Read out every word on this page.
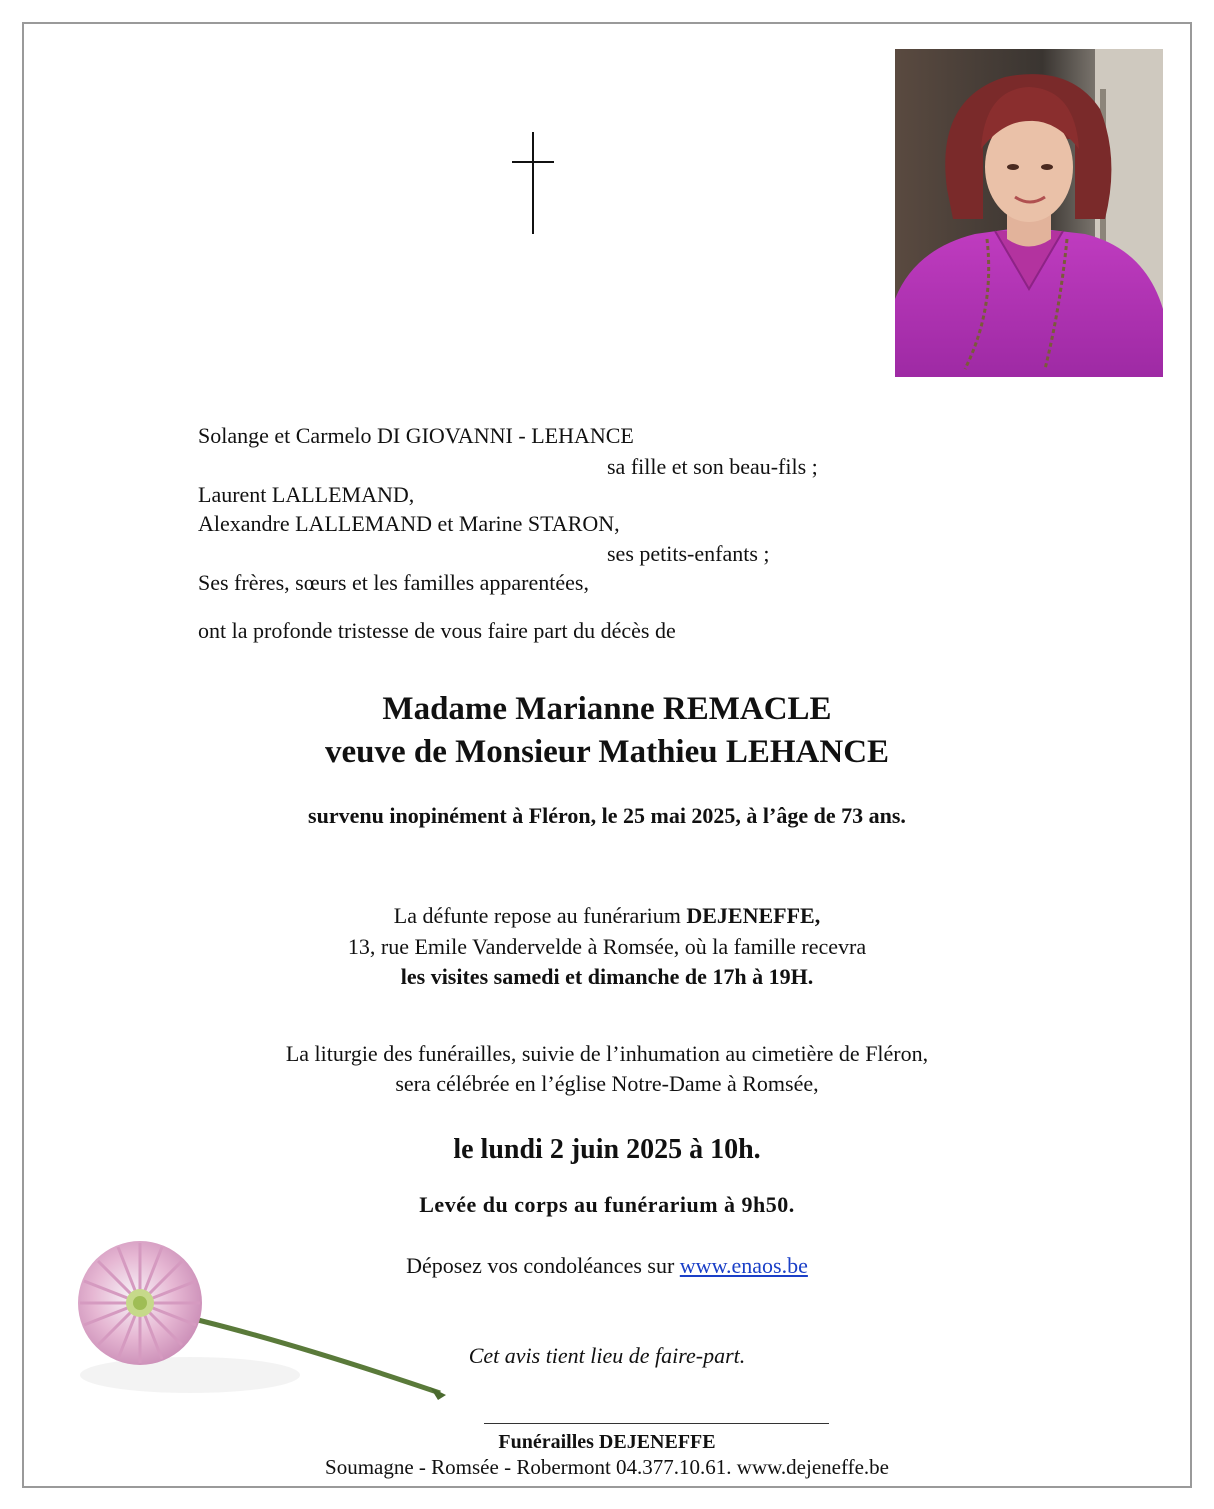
Solange et Carmelo DI GIOVANNI - LEHANCE
sa fille et son beau-fils ;
Laurent LALLEMAND,
Alexandre LALLEMAND et Marine STARON,
ses petits-enfants ;
Ses frères, sœurs et les familles apparentées,
ont la profonde tristesse de vous faire part du décès de
Madame Marianne REMACLE
veuve de Monsieur Mathieu LEHANCE
survenu inopinément à Fléron, le 25 mai 2025, à l’âge de 73 ans.
La défunte repose au funérarium DEJENEFFE,
13, rue Emile Vandervelde à Romsée, où la famille recevra
les visites samedi et dimanche de 17h à 19H.
La liturgie des funérailles, suivie de l’inhumation au cimetière de Fléron,
sera célébrée en l’église Notre-Dame à Romsée,
le lundi 2 juin 2025 à 10h.
Levée du corps au funérarium à 9h50.
Déposez vos condoléances sur www.enaos.be
Cet avis tient lieu de faire-part.
Funérailles DEJENEFFE
Soumagne - Romsée - Robermont 04.377.10.61. www.dejeneffe.be
